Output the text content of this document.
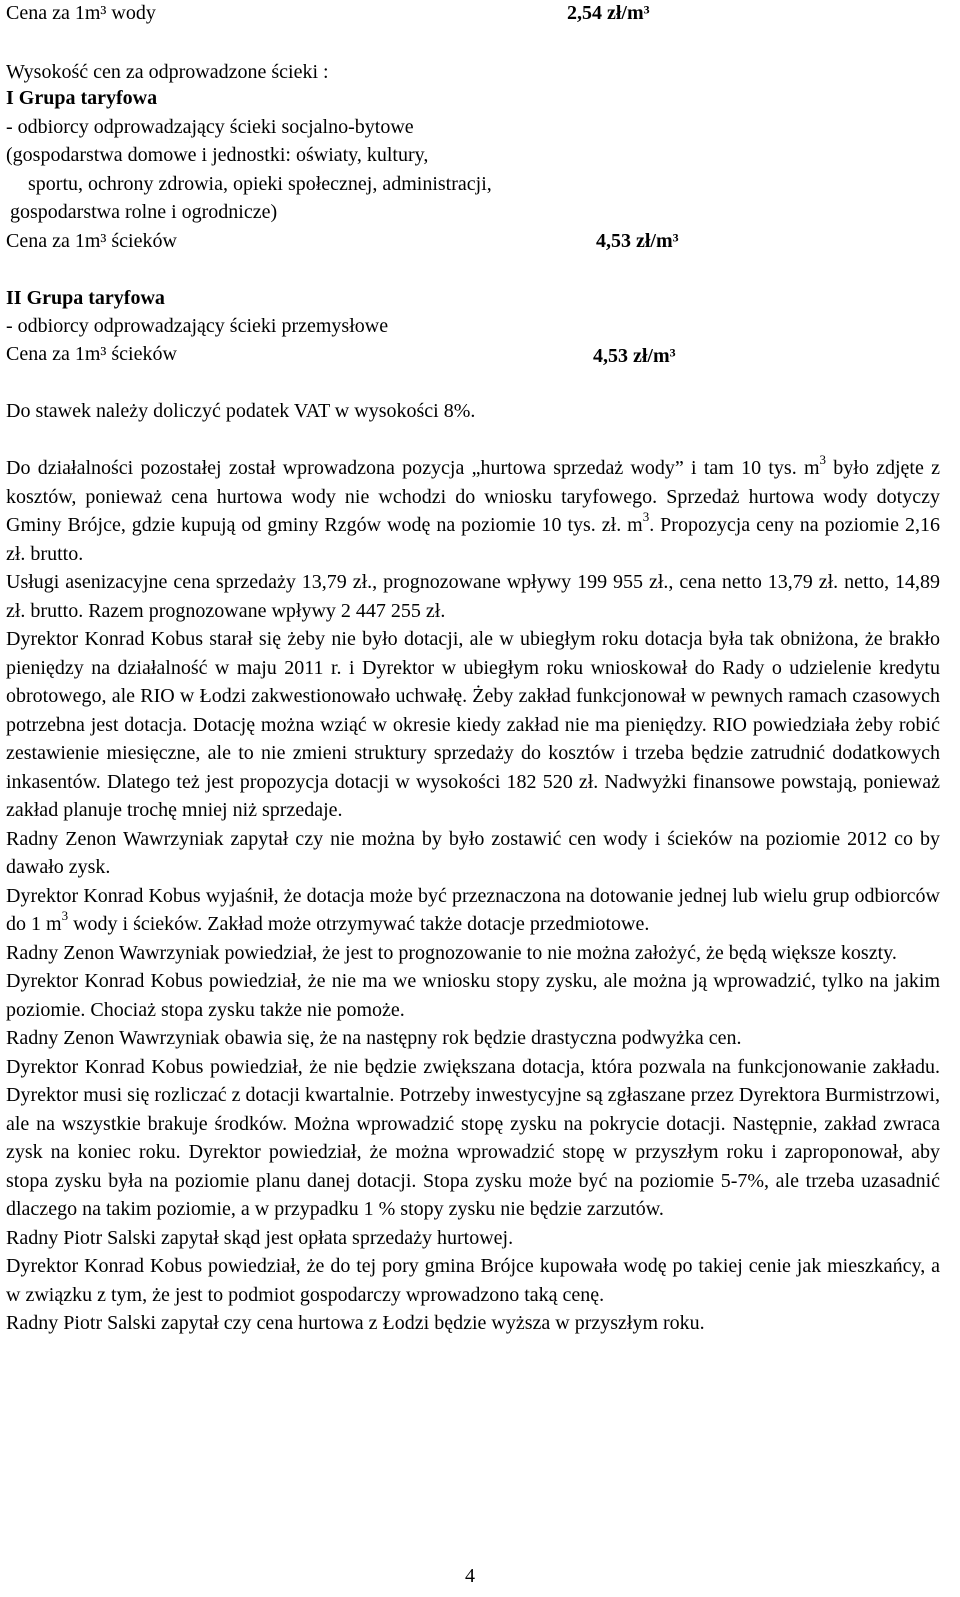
Cena za 1m³ wody	2,54 zł/m³
Wysokość cen za odprowadzone ścieki :
I Grupa taryfowa
- odbiorcy odprowadzający ścieki socjalno-bytowe
(gospodarstwa domowe i jednostki: oświaty, kultury,
sportu, ochrony zdrowia, opieki społecznej, administracji,
gospodarstwa rolne i ogrodnicze)
Cena za 1m³ ścieków	4,53 zł/m³
II Grupa taryfowa
- odbiorcy odprowadzający ścieki przemysłowe
Cena za 1m³ ścieków	4,53 zł/m³
Do stawek należy doliczyć podatek VAT w wysokości 8%.

Do działalności pozostałej został wprowadzona pozycja „hurtowa sprzedaż wody” i tam 10 tys. $m^3$ było zdjęte z kosztów, ponieważ cena hurtowa wody nie wchodzi do wniosku taryfowego. Sprzedaż hurtowa wody dotyczy Gminy Brójce, gdzie kupują od gminy Rzgów wodę na poziomie 10 tys. zł. $m^3$. Propozycja ceny na poziomie 2,16 zł. brutto.

Usługi asenizacyjne cena sprzedaży 13,79 zł., prognozowane wpływy 199 955 zł., cena netto 13,79 zł. netto, 14,89 zł. brutto. Razem prognozowane wpływy 2 447 255 zł.

Dyrektor Konrad Kobus starał się żeby nie było dotacji, ale w ubiegłym roku dotacja była tak obniżona, że brakło pieniędzy na działalność w maju 2011 r. i Dyrektor w ubiegłym roku wnioskował do Rady o udzielenie kredytu obrotowego, ale RIO w Łodzi zakwestionowało uchwałę. Żeby zakład funkcjonował w pewnych ramach czasowych potrzebna jest dotacja. Dotację można wziąć w okresie kiedy zakład nie ma pieniędzy. RIO powiedziała żeby robić zestawienie miesięczne, ale to nie zmieni struktury sprzedaży do kosztów i trzeba będzie zatrudnić dodatkowych inkasentów. Dlatego też jest propozycja dotacji w wysokości 182 520 zł. Nadwyżki finansowe powstają, ponieważ zakład planuje trochę mniej niż sprzedaje.

Radny Zenon Wawrzyniak zapytał czy nie można by było zostawić cen wody i ścieków na poziomie 2012 co by dawało zysk.

Dyrektor Konrad Kobus wyjaśnił, że dotacja może być przeznaczona na dotowanie jednej lub wielu grup odbiorców do 1 $m^3$ wody i ścieków. Zakład może otrzymywać także dotacje przedmiotowe.

Radny Zenon Wawrzyniak powiedział, że jest to prognozowanie to nie można założyć, że będą większe koszty.

Dyrektor Konrad Kobus powiedział, że nie ma we wniosku stopy zysku, ale można ją wprowadzić, tylko na jakim poziomie. Chociaż stopa zysku także nie pomoże.

Radny Zenon Wawrzyniak obawia się, że na następny rok będzie drastyczna podwyżka cen.

Dyrektor Konrad Kobus powiedział, że nie będzie zwiększana dotacja, która pozwala na funkcjonowanie zakładu. Dyrektor musi się rozliczać z dotacji kwartalnie. Potrzeby inwestycyjne są zgłaszane przez Dyrektora Burmistrzowi, ale na wszystkie brakuje środków. Można wprowadzić stopę zysku na pokrycie dotacji. Następnie, zakład zwraca zysk na koniec roku. Dyrektor powiedział, że można wprowadzić stopę w przyszłym roku i zaproponował, aby stopa zysku była na poziomie planu danej dotacji. Stopa zysku może być na poziomie 5-7%, ale trzeba uzasadnić dlaczego na takim poziomie, a w przypadku 1 % stopy zysku nie będzie zarzutów.

Radny Piotr Salski zapytał skąd jest opłata sprzedaży hurtowej.

Dyrektor Konrad Kobus powiedział, że do tej pory gmina Brójce kupowała wodę po takiej cenie jak mieszkańcy, a w związku z tym, że jest to podmiot gospodarczy wprowadzono taką cenę.

Radny Piotr Salski zapytał czy cena hurtowa z Łodzi będzie wyższa w przyszłym roku.

4
